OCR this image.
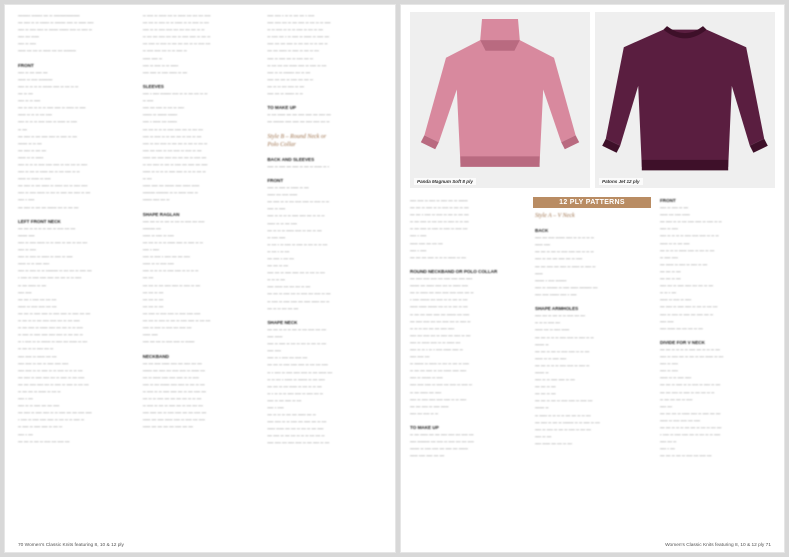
-------- ------- --- -- -----------------
--- ---- -- -- ------ -- ------- ---- -- ----- ----
---- -- ---- ---- -- ------ ------ ---- -- ---- --
---- --- -----
---- -- ----
----- --- --- -- ----- --- --- --------
FRONT
---- -- --- ---- ---
----- -- ---- ---------
---- -- -- -- -- ------ ---- -- --- -- --
--- -- ---
---- -- -- ----
--- -- --- -- -- -- ---- ---- -- ----- -- ----
----- -- -- -- --- ----
---- -- -- -- ---- ---- -- ----- -- ----
-- ---
--- ---- -- --- ---- ---- -- ---- -- ---
------ -- -- ---
--- ---- -- --- ---
----- -- -- -----
---- -- -- -- ---- ---- ---- -- --- --- -- ----
---- -- --- -- ----- --- -- --- ---- -- --
----- -- ----- -- ----
--- ---- -- --- ----- -- ----- --- -- ---- ----
---- -- ---- ----- -- --- -- ---- --- ---- -- ---
---- - ----
--- ---- -- --- --- ------ --- -- --- ---
LEFT FRONT NECK
--- --- -- -- -- -- --- -- ---- --- ---
------ ----
---- -- ---- ----- -- -- ---- -- --- -- --- ---
---- -- ----
---- -- ---- -- ----- -- ---- -- ----
----- -- -- ---- ----
---- -- ---- -- -- -------- -- --- --- -- ---- ---
- ---- -- ---- ---- ---- --- --- -- -- ----
-- --- ----- -- ---
---- ----
--- --- - ---- --- --- ---
----- -- ---- ---- --- ---
--- --- -- ---- ---- -- ---- ---- -- ---- --- ---
-- --- -- -- --- ---- ---- --- -- --- ----
-- --- ---- -- ----- ---- --- --- -- -- ----
-- ---- -- ---- ---- ---- ---- -- --- --- --
-- - ---- -- -- ------ -- ---- --- ----- -- ---
-- --- -- -- ---- --- --
---- ---- -- ----- --- ---
---- ---- -- --- -- ---- ---- ----
---- ---- -- -- ---- -- -- ---- -- -- -- ---
--- ---- -- ---- ---- --- -- ---- -- --- ----
--- --- ---- ---- --- -- ---- -- ---- -- --- ---
-- --- --- -- ----- -- --- --
---- - ---
---- -- -- ---- --- --- ----
--- ---- -- ---- ---- -- -- ---- --- --- ---- ----
- ---- -- ---- ---- ---- -- --- -- -- ---- --
-- ---- -- ---- ---- -- --- --
---- - ---
--- --- -- --- -- ---- --- ---- ---
-- ---- -- ----- --- -- ----- --- --- --- ----
--- --- -- ---- -- -- ----- -- -- ---- -- ---
---- -- -- ---- ---- --- --- --- --- -- --
-- --- --- ---- --- --- -- ---- ---- -- --- --
--- ---- -- ---- -- --- --- --- -- -- ---- ---
-- ---- ---- --- -- -- ---- --
----- ---- --
---- -- ---- -- -- -----
---- ---- -- ---- ----- -- ---
SLEEVES
---- - ---- ------- ---- -- -- --- --- -- --
-- ----
---- --- ---- -- --- -- ----
------ -- ------ ------
---- - ----- --- ------
--- --- -- -- -- ---- ---- --- -- --- ---
---- -- ---- -- -- --- --- -- --- -- ---
---- -- --- ---- -- --- --- -- --- -- --- --
---- --- ---- -- --- ---- -- ---- -- ---
----- --- ---- ---- --- --- --- -- ---- ---
-- --- ---- -- --- -- ---- --- ---- --- ----
----- -- -- -- -- ---- ---- -- -- -- --- --
-- ---
----- ---- --- ------ ---- ----- -----
-------- -------- -- -- ----- ---- --
------ ---- --- --
SHAPE RAGLAN
---- --- -- -- --- -- --- -- ---- --- ----
-------- ---
----- -- ---- -- ----
--- --- -- -- -- ----- ---- -- ---- -- --
---- - ----
---- -- ---- - ---- --- --- ----
----- -- -- ---- ----
---- -- -- -- -- ---- ---- -- -- -- --
--- ---
--- --- -- --- ---- ---- -- ---- -- ---
--- --- -- ---
--- --- -- ---
--- --- -- ---
--- ---- -- ---- ---- -- ---- ---- ----
--- --- -- ---- -- --- -- ---- ---- -- --- ---
---- -- ---- -- ---- --- ---- ---
----- ----
---- --- --- -- ---- ---- -- ------
NECKBAND
--- --- ---- ----- ---- --- ---- --- ---
------ --- ---- --- ---- ---- -- ----- ---
--- -- ----- ---- ---- ---- -- -- ----
---- -- --- ------ ---- ---- -- --- -- ---
-- ---- -- -- ---- ---- --- -- --- ---- ---
--- -- -- ---- --- --- --- --- -- -- ---
-- ---- -- --- -- ---- --- -- --- --- ---
---- ---- --- -- ---- ---- --- --- ---- ---
----- --- ---- ----- ---- -- ---- --- ----
----- --- --- --- --- ---- --- ---
---- ---- - -- -- --- --- - ----
---- ---- --- -- --- ---- -- --- -- -- ----
-- -- ---- -- -- -- ---- -- --- -- ---
-- ---- --- - -- ---- -- ----- -- ---- ---
---- --- --- ---- -- --- --- -- -- --- --
--- --- ----- -- ---- -- --- -- ---
---- -- ---- --- -- ---- --- --
-- --- --- --- ----- ---- -- ---- -- ---
---- -- -- ------- --- -- ---
---- --- --- -- ---- --- --- --
--- -- -- --- ---- -- ---
---- --- -- ------ -- --
TO MAKE UP
-- --- ----- --- --- ---- ---- --- ---- ---
--- ------- ---- ---- --- ---- ---- --- --
Style B – Round Neck or
Polo Collar
BACK AND SLEEVES
---- -- ---- --- ---- -- --- -- ----- -- -
FRONT
---- -- ---- -- ----- -- ---
----- --- ---- -----
--- ---- -- -- --- ---- ---- -- ---- -- --
---- -- ----
---- -- -- -- -- ---- ---- --- -- -- --
----- -- -- --- ----
--- -- -- -- ----- ---- -- --- -- ---
-- ---- ----
-- --- - -- ---- -- ---- -- --- -- -- ---
-- --- - -- ---
--- ---- - --- ---
--- --- -- ---
---- --- -- ---- ---- --- -- --- -- ---
-- -- -- ---
---- ----- --- --- --- -- ---
--- --- -- ---- --- -- ---- --- ---- -- ---
-- ---- -- ---- ---- --- ---- ----- --- --
--- -- -- --- --- ---
SHAPE NECK
--- --- -- -- -- --- -- --- ---- --- ---
---- -----
---- -- ---- -- --- -- --- -- --- -- ---
---- ----
---- -- - ---- --- ---- ---
--- --- -- ---- ---- ---- -- --- --- ----
-- - ---- -- ---- ---- ---- -- --- ----- ---
-- -- --- - ----- -- ------ -- --- ----
--- --- -- --- ----- -- --- -- -- ---
-- - -- -- -- ---- ---- -- ---- --- --
---- -- --- ---- -- ---
---- - ----
--- -- -- -- --- --- ----- --- --
---- ---- -- -- ---- --- ---- --- -- ---
----- ----- --- --- -- --- -- --- ----
--- ---- -- --- --- -- -- -- --- --- --
---- ---- --- ---- ---- -- --- ---- -- ---
70 Women's Classic Knits featuring 8, 10 & 12 ply
Panda Magnum Soft 8 ply	Patons Jet 12 ply
---- ---- -- ---- -- ---- --- -- ------
--- --- -- ---- -- -- ---- -- --- -- ---
--- --- - ---- -- ---- -- --- -- --- ---
-- --- ---- -- --- --- -- ---- -- -- ---
-- --- ---- -- ---- -- ---- -- ---- ---
---- - ----
----- ---- --- --- ---
---- - ----
--- --- --- ---- -- -- -- ----- -- ---
ROUND NECKBAND OR POLO COLLAR
--- ---- ---- ---- --- ---- ---- ---- ----
------ --- ----- ---- --- -- ----- ----
--- -- ----- --- ---- ---- ---- ---- --- --
- ---- ------ --- ---- -- -- --- -- ---
----- ----- ------ --- -- -- --- -- ---
-- --- --- ---- ---- --- ------ --- ----
--- ---- ---- --- --- ---- --- -- ---- --
-- -- -- --- --- --- ---- ----
---- --- ---- --- -- ---- --- ---- -- ---
---- -- ----- ---- -- -- ----- ---
---- -- -- - -- - ---- ----- ---- --
---- ---- ---
-- ------ -- ----- -- --- -- --- -- ----
-- --- --- ---- -- --- ----- ---- ----
---- -- ------ -- ----
---- ---- ---- -- ---- --- ---- -- ---- --
-- --- ----- --- ----
---- -- ---- ---- ---- ---- -- -- ----
--- --- ---- -- ---- -----
---- --- ---- -- --
TO MAKE UP
-- --- ----- --- --- ---- ---- --- ---- ---
---- -------- --- ---- -- ---- --- --- ----
------ -- ---- ---- --- ---- --- ------
----- ---- ---- --- ---
Style A – V Neck
BACK
---- --- ---- ------ ---- -- -- -- -- --
----- ----
--- --- -- --- -- ---- ---- --- -- -- --
---- -- --- --- ---- --- -- ----
--- --- ---- --- ---- -- ----- -- ---- --
-----
------ - ---- -------
---- -- ------- -- ---- ----- -------- ---
---- ---- ------ ---- - ----
SHAPE ARMHOLES
---- --- -- --- -- -- ---- --- ---
-- -- -- ---- ---
----- --- -- ---- -----
--- --- -- -- -- ---- ---- -- ---- -- --
------ --
--- --- -- --- -- ---- ---- -- -- ---
----- -- -- ---- ----
--- --- -- -- -- ---- ---- -- ---- --
------ --
---- -- -- ---- ---- -- ---
--- --- -- ---
--- --- -- ---
--- --- -- --- -- ---- ---- -- ---- ---
------ --
-- ----- -- -- -- -- --- --- -- -- ---
--- ---- -- --- -- ------- -- -- ---- -- ---
---- -- ---- -- --- -- ---- -- --- ---
---- -- ---
---- ----- --- --- -- ---
FRONT
---- -- ---- -- ---
----- --- ---- -----
--- ---- -- -- --- ---- ---- -- ---- -- --
---- -- ----
---- -- -- -- -- ---- ---- ---- -- -- --
----- -- -- --- ----
--- -- -- -- ----- ---- -- --- -- ---
-- ---- ----
--- ----- -- ---- -- ---- -- ---
--- --- -- ---
--- --- -- ---
---- --- -- ---- ---- --- --- -- ---
-- -- - ---
----- -- ---- -- ----
--- ---- -- ---- ---- -- --- -- --- ---
---- -- ---- -- ---- --- ---- --- --
---- ----
---- ----- --- --- --- -- ---
DIVIDE FOR V NECK
--- --- -- -- -- -- ---- --- -- -- -- ---
---- -- ---- --- -- --- -- --- ----- -- ---
---- -- ----
---- -- ----
----- -- -- ---- ----
--- --- -- ---- -- -- ---- -- ---- -- ---
--- --- ---- -- ---- -- --- --- -- --
-- --- --- --- -- ----
---- ---
--- --- --- -- ----- ---- -- ---- --- ---
----- -- ---- ---- --- ----
--- --- -- -- -- --- --- -- --- -- --- ---
- ---- -- ---- ---- --- -- --- -- -- ----
---- --- --
---- - ---
--- --- -- --- -- ---- --- ---- ---
12 PLY PATTERNS
Women's Classic Knits featuring 8, 10 & 12 ply 71
